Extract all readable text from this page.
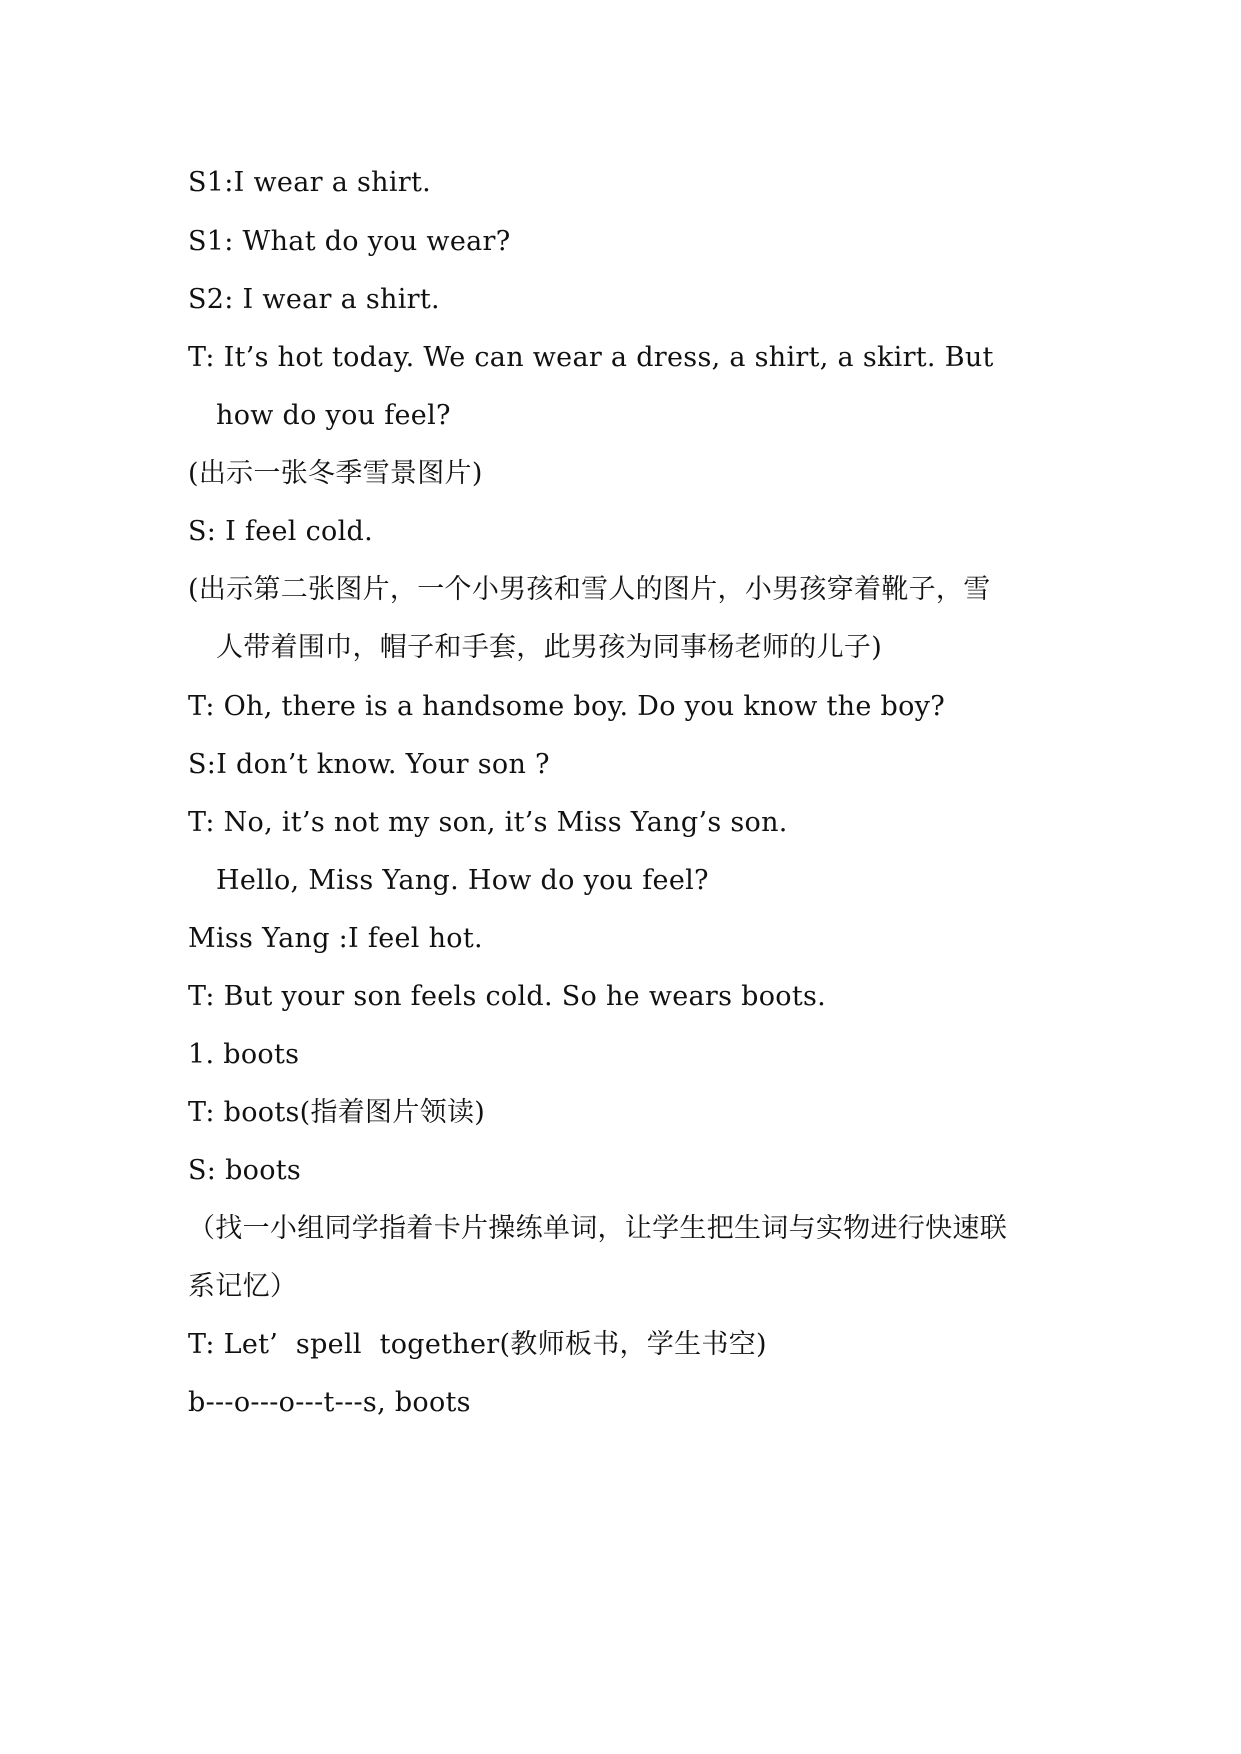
S1:I wear a shirt.
S1: What do you wear?
S2: I wear a shirt.
T: It’s hot today. We can wear a dress, a shirt, a skirt. But
how do you feel?
(出示一张冬季雪景图片)
S: I feel cold.
(出示第二张图片，一个小男孩和雪人的图片，小男孩穿着靴子，雪
人带着围巾，帽子和手套，此男孩为同事杨老师的儿子)
T: Oh, there is a handsome boy. Do you know the boy?
S:I don’t know. Your son ?
T: No, it’s not my son, it’s Miss Yang’s son.
Hello, Miss Yang. How do you feel?
Miss Yang :I feel hot.
T: But your son feels cold. So he wears boots.
1. boots
T: boots(指着图片领读)
S: boots
（找一小组同学指着卡片操练单词，让学生把生词与实物进行快速联
系记忆）
T: Let’  spell  together(教师板书，学生书空)
b---o---o---t---s, boots
